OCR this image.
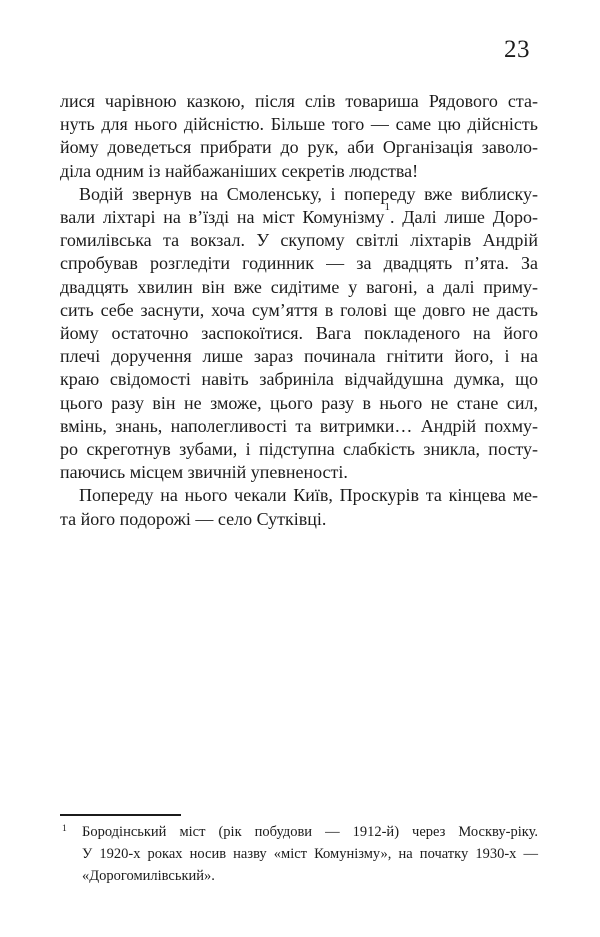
23
лися чарівною казкою, після слів товариша Рядового ста-
нуть для нього дійсністю. Більше того — саме цю дійсність
йому доведеться прибрати до рук, аби Організація заволо-
діла одним із найбажаніших секретів людства!
Водій звернув на Смоленську, і попереду вже виблиску-
вали ліхтарі на в’їзді на міст Комунізму$^1$. Далі лише Доро-
гомилівська та вокзал. У скупому світлі ліхтарів Андрій
спробував розгледіти годинник — за двадцять п’ята. За
двадцять хвилин він вже сидітиме у вагоні, а далі приму-
сить себе заснути, хоча сум’яття в голові ще довго не дасть
йому остаточно заспокоїтися. Вага покладеного на його
плечі доручення лише зараз починала гнітити його, і на
краю свідомості навіть забриніла відчайдушна думка, що
цього разу він не зможе, цього разу в нього не стане сил,
вмінь, знань, наполегливості та витримки… Андрій похму-
ро скреготнув зубами, і підступна слабкість зникла, посту-
паючись місцем звичній упевненості.
Попереду на нього чекали Київ, Проскурів та кінцева ме-
та його подорожі — село Сутківці.
1 Бородінський міст (рік побудови — 1912-й) через Москву-ріку.
У 1920-х роках носив назву «міст Комунізму», на початку 1930-х —
«Дорогомилівський».
